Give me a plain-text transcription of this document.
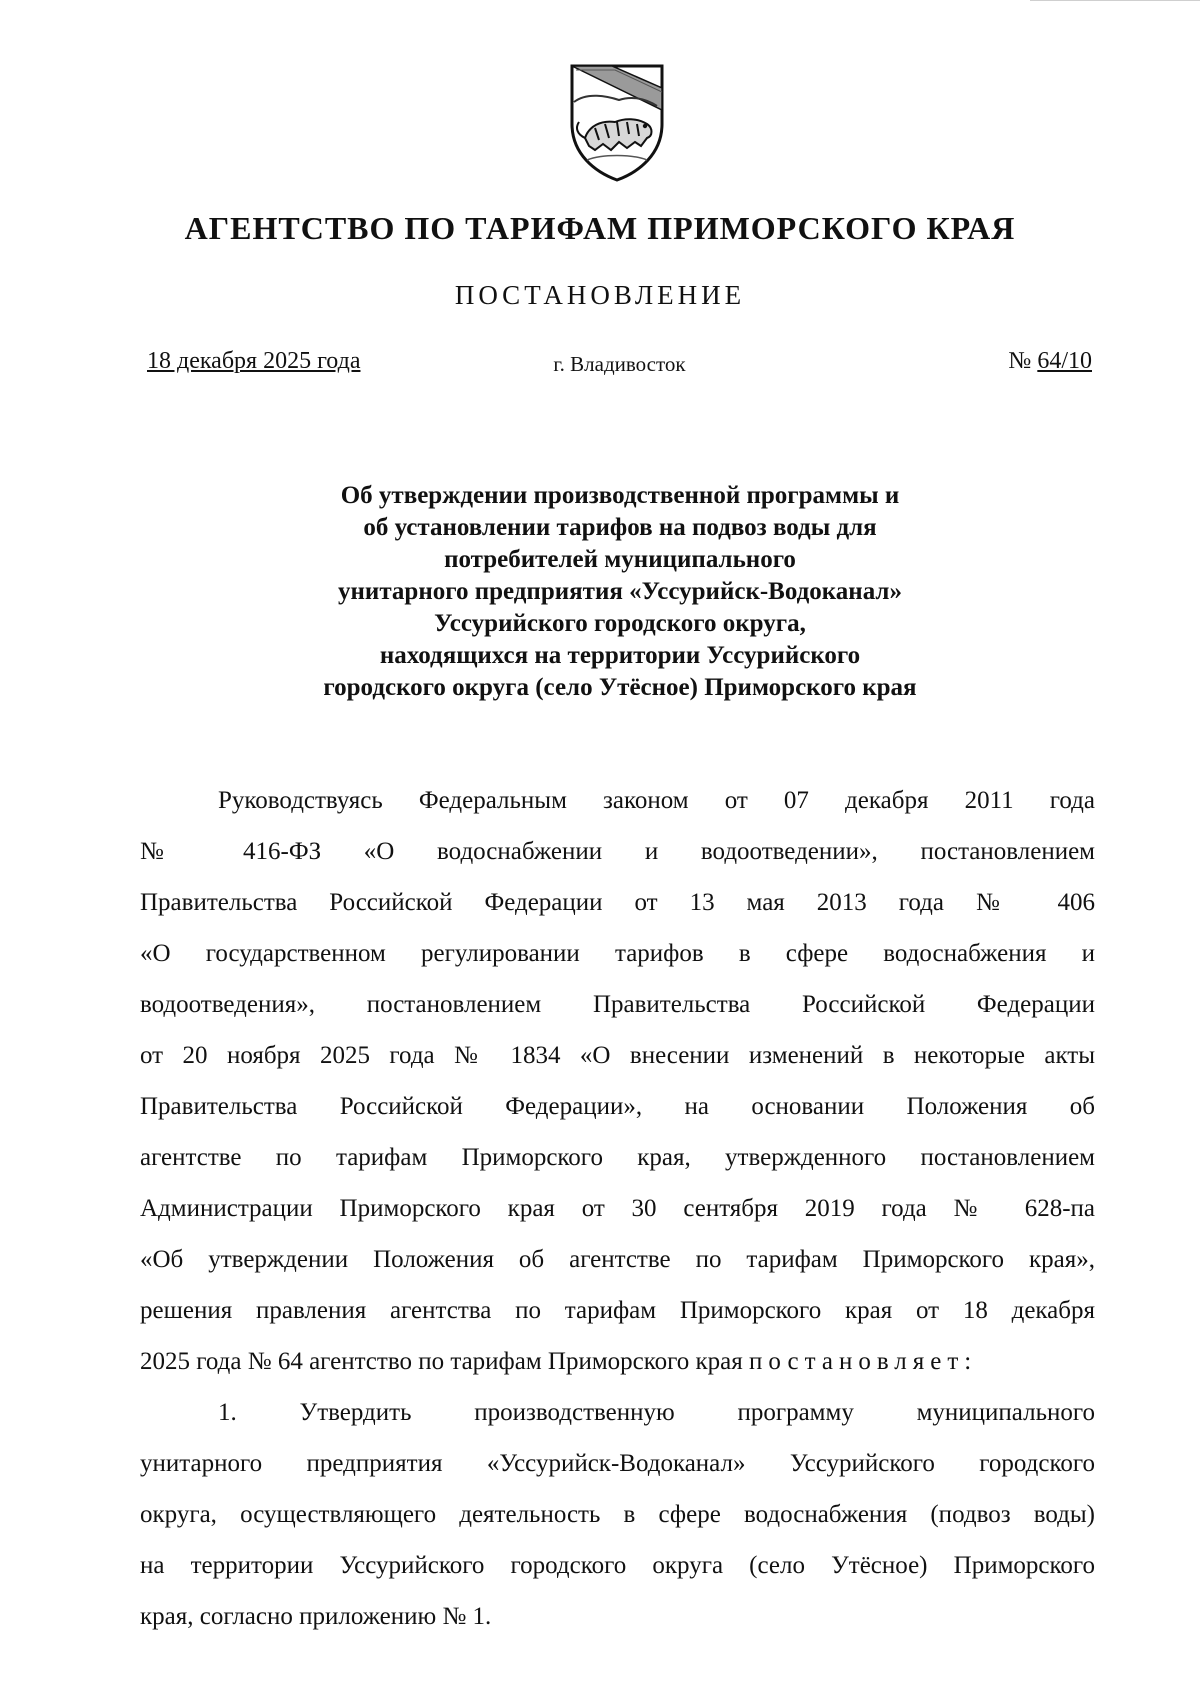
АГЕНТСТВО ПО ТАРИФАМ ПРИМОРСКОГО КРАЯ
ПОСТАНОВЛЕНИЕ
18 декабря 2025 года	г. Владивосток	№ 64/10
Об утверждении производственной программы и
об установлении тарифов на подвоз воды для
потребителей муниципального
унитарного предприятия «Уссурийск-Водоканал»
Уссурийского городского округа,
находящихся на территории Уссурийского
городского округа (село Утёсное) Приморского края
Руководствуясь Федеральным законом от 07 декабря 2011 года
№ 416-ФЗ «О водоснабжении и водоотведении», постановлением
Правительства Российской Федерации от 13 мая 2013 года № 406
«О государственном регулировании тарифов в сфере водоснабжения и
водоотведения», постановлением Правительства Российской Федерации
от 20 ноября 2025 года № 1834 «О внесении изменений в некоторые акты
Правительства Российской Федерации», на основании Положения об
агентстве по тарифам Приморского края, утвержденного постановлением
Администрации Приморского края от 30 сентября 2019 года № 628-па
«Об утверждении Положения об агентстве по тарифам Приморского края»,
решения правления агентства по тарифам Приморского края от 18 декабря
2025 года № 64 агентство по тарифам Приморского края постановляет:
1. Утвердить производственную программу муниципального
унитарного предприятия «Уссурийск-Водоканал» Уссурийского городского
округа, осуществляющего деятельность в сфере водоснабжения (подвоз воды)
на территории Уссурийского городского округа (село Утёсное) Приморского
края, согласно приложению № 1.
